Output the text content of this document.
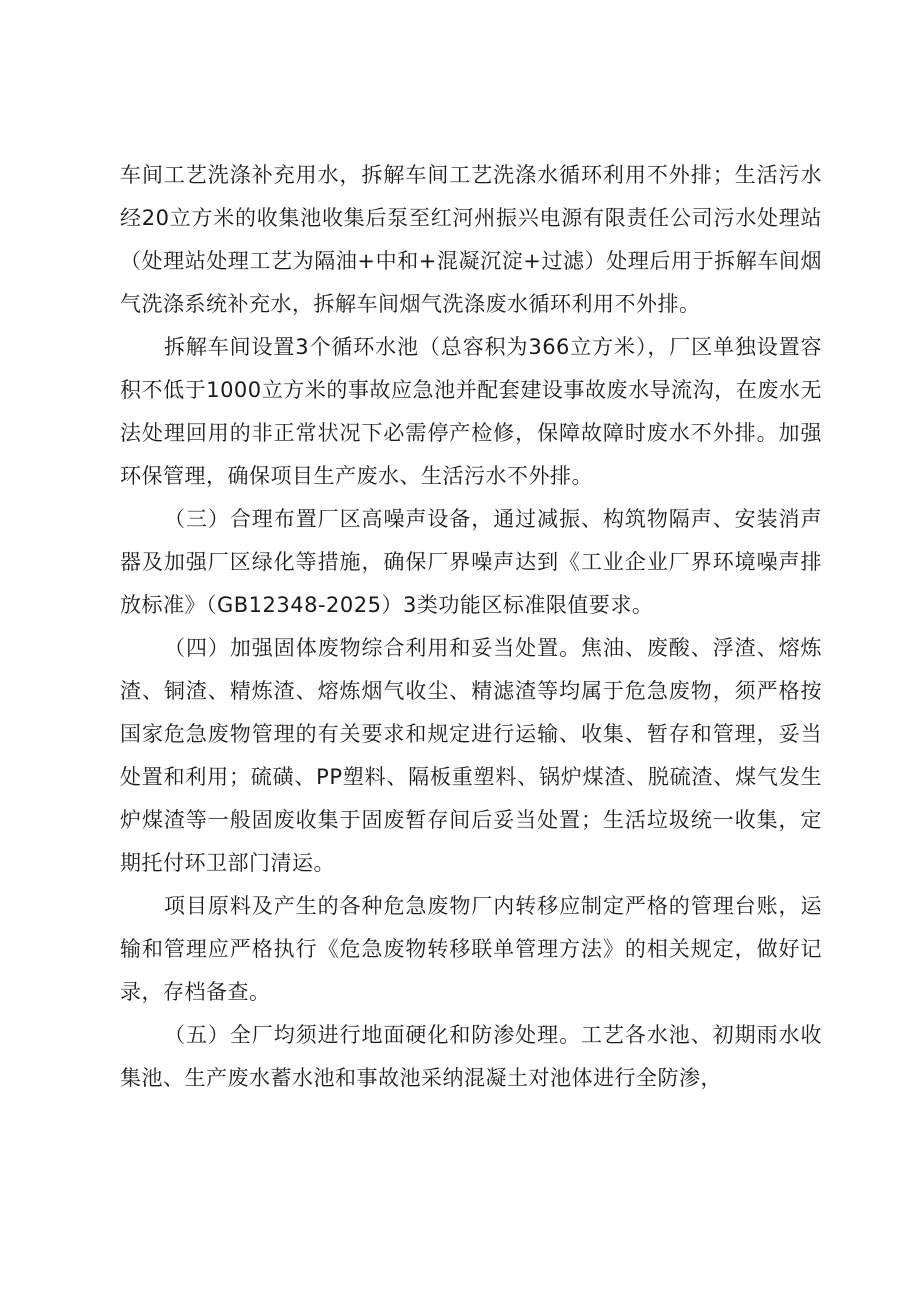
车间工艺洗涤补充用水，拆解车间工艺洗涤水循环利用不外排；生活污水经20立方米的收集池收集后泵至红河州振兴电源有限责任公司污水处理站（处理站处理工艺为隔油+中和+混凝沉淀+过滤）处理后用于拆解车间烟气洗涤系统补充水，拆解车间烟气洗涤废水循环利用不外排。

拆解车间设置3个循环水池（总容积为366立方米），厂区单独设置容积不低于1000立方米的事故应急池并配套建设事故废水导流沟，在废水无法处理回用的非正常状况下必需停产检修，保障故障时废水不外排。加强环保管理，确保项目生产废水、生活污水不外排。

（三）合理布置厂区高噪声设备，通过减振、构筑物隔声、安装消声器及加强厂区绿化等措施，确保厂界噪声达到《工业企业厂界环境噪声排放标准》（GB12348-2025）3类功能区标准限值要求。

（四）加强固体废物综合利用和妥当处置。焦油、废酸、浮渣、熔炼渣、铜渣、精炼渣、熔炼烟气收尘、精滤渣等均属于危急废物，须严格按国家危急废物管理的有关要求和规定进行运输、收集、暂存和管理，妥当处置和利用；硫磺、PP塑料、隔板重塑料、锅炉煤渣、脱硫渣、煤气发生炉煤渣等一般固废收集于固废暂存间后妥当处置；生活垃圾统一收集，定期托付环卫部门清运。

项目原料及产生的各种危急废物厂内转移应制定严格的管理台账，运输和管理应严格执行《危急废物转移联单管理方法》的相关规定，做好记录，存档备查。

（五）全厂均须进行地面硬化和防渗处理。工艺各水池、初期雨水收集池、生产废水蓄水池和事故池采纳混凝土对池体进行全防渗，
